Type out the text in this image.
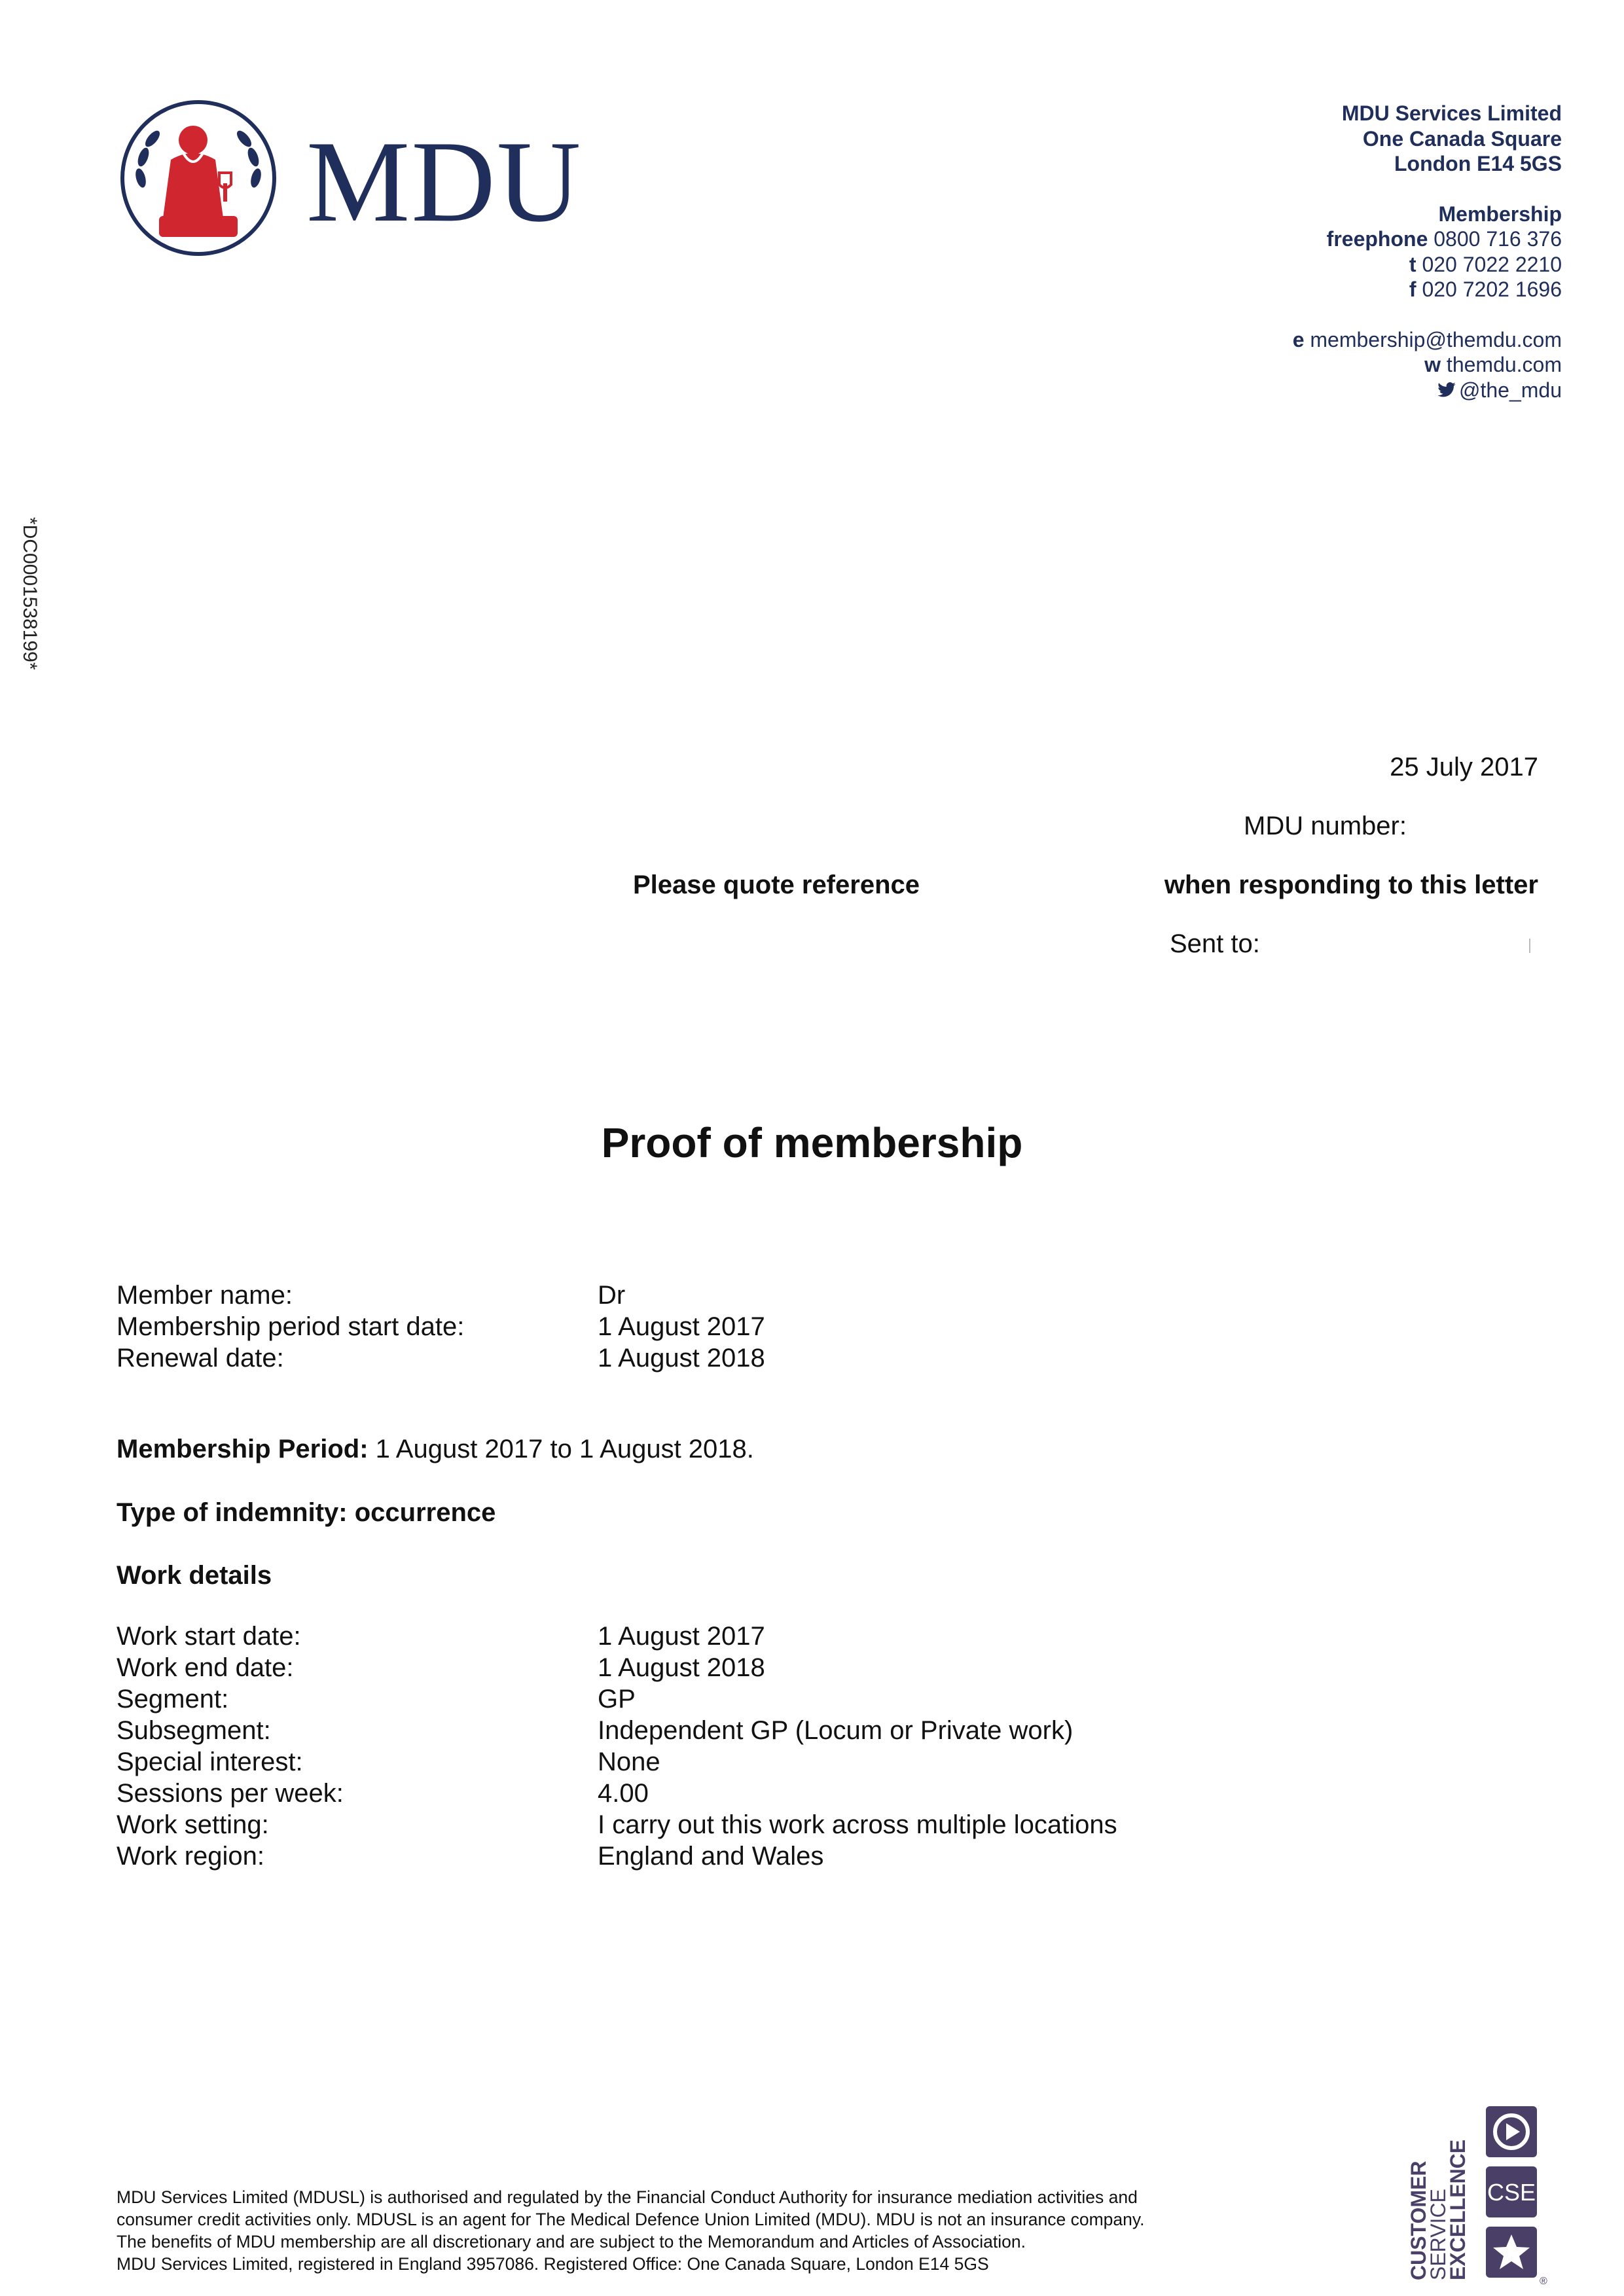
MDU
MDU Services Limited
One Canada Square
London E14 5GS
Membership
freephone 0800 716 376
t 020 7022 2210
f 020 7202 1696
e membership@themdu.com
w themdu.com
@the_mdu
*DC0001538199*
25 July 2017
MDU number:
Please quote reference	when responding to this letter
Sent to:
Proof of membership
Member name:	Dr
Membership period start date:	1 August 2017
Renewal date:	1 August 2018
Membership Period: 1 August 2017 to 1 August 2018.
Type of indemnity: occurrence
Work details
Work start date:	1 August 2017
Work end date:	1 August 2018
Segment:	GP
Subsegment:	Independent GP (Locum or Private work)
Special interest:	None
Sessions per week:	4.00
Work setting:	I carry out this work across multiple locations
Work region:	England and Wales
MDU Services Limited (MDUSL) is authorised and regulated by the Financial Conduct Authority for insurance mediation activities and
consumer credit activities only. MDUSL is an agent for The Medical Defence Union Limited (MDU). MDU is not an insurance company.
The benefits of MDU membership are all discretionary and are subject to the Memorandum and Articles of Association.
MDU Services Limited, registered in England 3957086. Registered Office: One Canada Square, London E14 5GS	CUSTOMER
SERVICE
EXCELLENCE CSE
®
